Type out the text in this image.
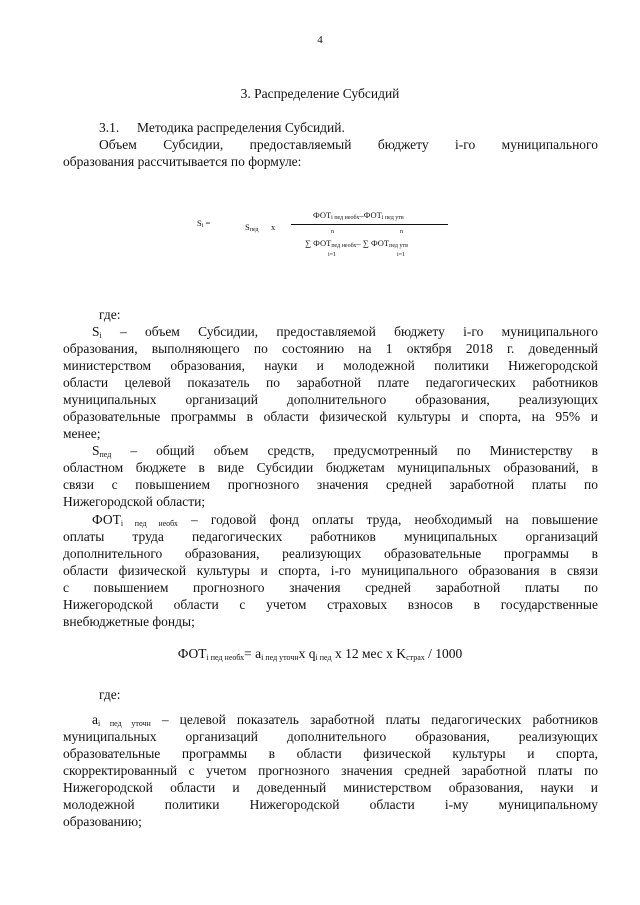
4
3. Распределение Субсидий
3.1. Методика распределения Субсидий.
Объем Субсидии, предоставляемый бюджету i-го муниципального
образования рассчитывается по формуле:
Si =	Sпед x
ФОТi пед необх–ФОТi пед утв
n	n
∑ ФОТпед необх– ∑ ФОТпед утв
i=1	i=1
где:
$S_i$ – объем Субсидии, предоставляемой бюджету i-го муниципального
образования, выполняющего по состоянию на 1 октября 2018 г. доведенный
министерством образования, науки и молодежной политики Нижегородской
области целевой показатель по заработной плате педагогических работников
муниципальных организаций дополнительного образования, реализующих
образовательные программы в области физической культуры и спорта, на 95% и
менее;
$S_{пед}$ – общий объем средств, предусмотренный по Министерству в
областном бюджете в виде Субсидии бюджетам муниципальных образований, в
связи с повышением прогнозного значения средней заработной платы по
Нижегородской области;
$ФОТ_{i пед необх}$ – годовой фонд оплаты труда, необходимый на повышение
оплаты труда педагогических работников муниципальных организаций
дополнительного образования, реализующих образовательные программы в
области физической культуры и спорта, i-го муниципального образования в связи
с повышением прогнозного значения средней заработной платы по
Нижегородской области с учетом страховых взносов в государственные
внебюджетные фонды;
ФОТi пед необх= ai пед уточнx qi пед x 12 мес x Kстрах / 1000
где:
$a_{i пед уточн}$ – целевой показатель заработной платы педагогических работников
муниципальных организаций дополнительного образования, реализующих
образовательные программы в области физической культуры и спорта,
скорректированный с учетом прогнозного значения средней заработной платы по
Нижегородской области и доведенный министерством образования, науки и
молодежной политики Нижегородской области i-му муниципальному
образованию;
